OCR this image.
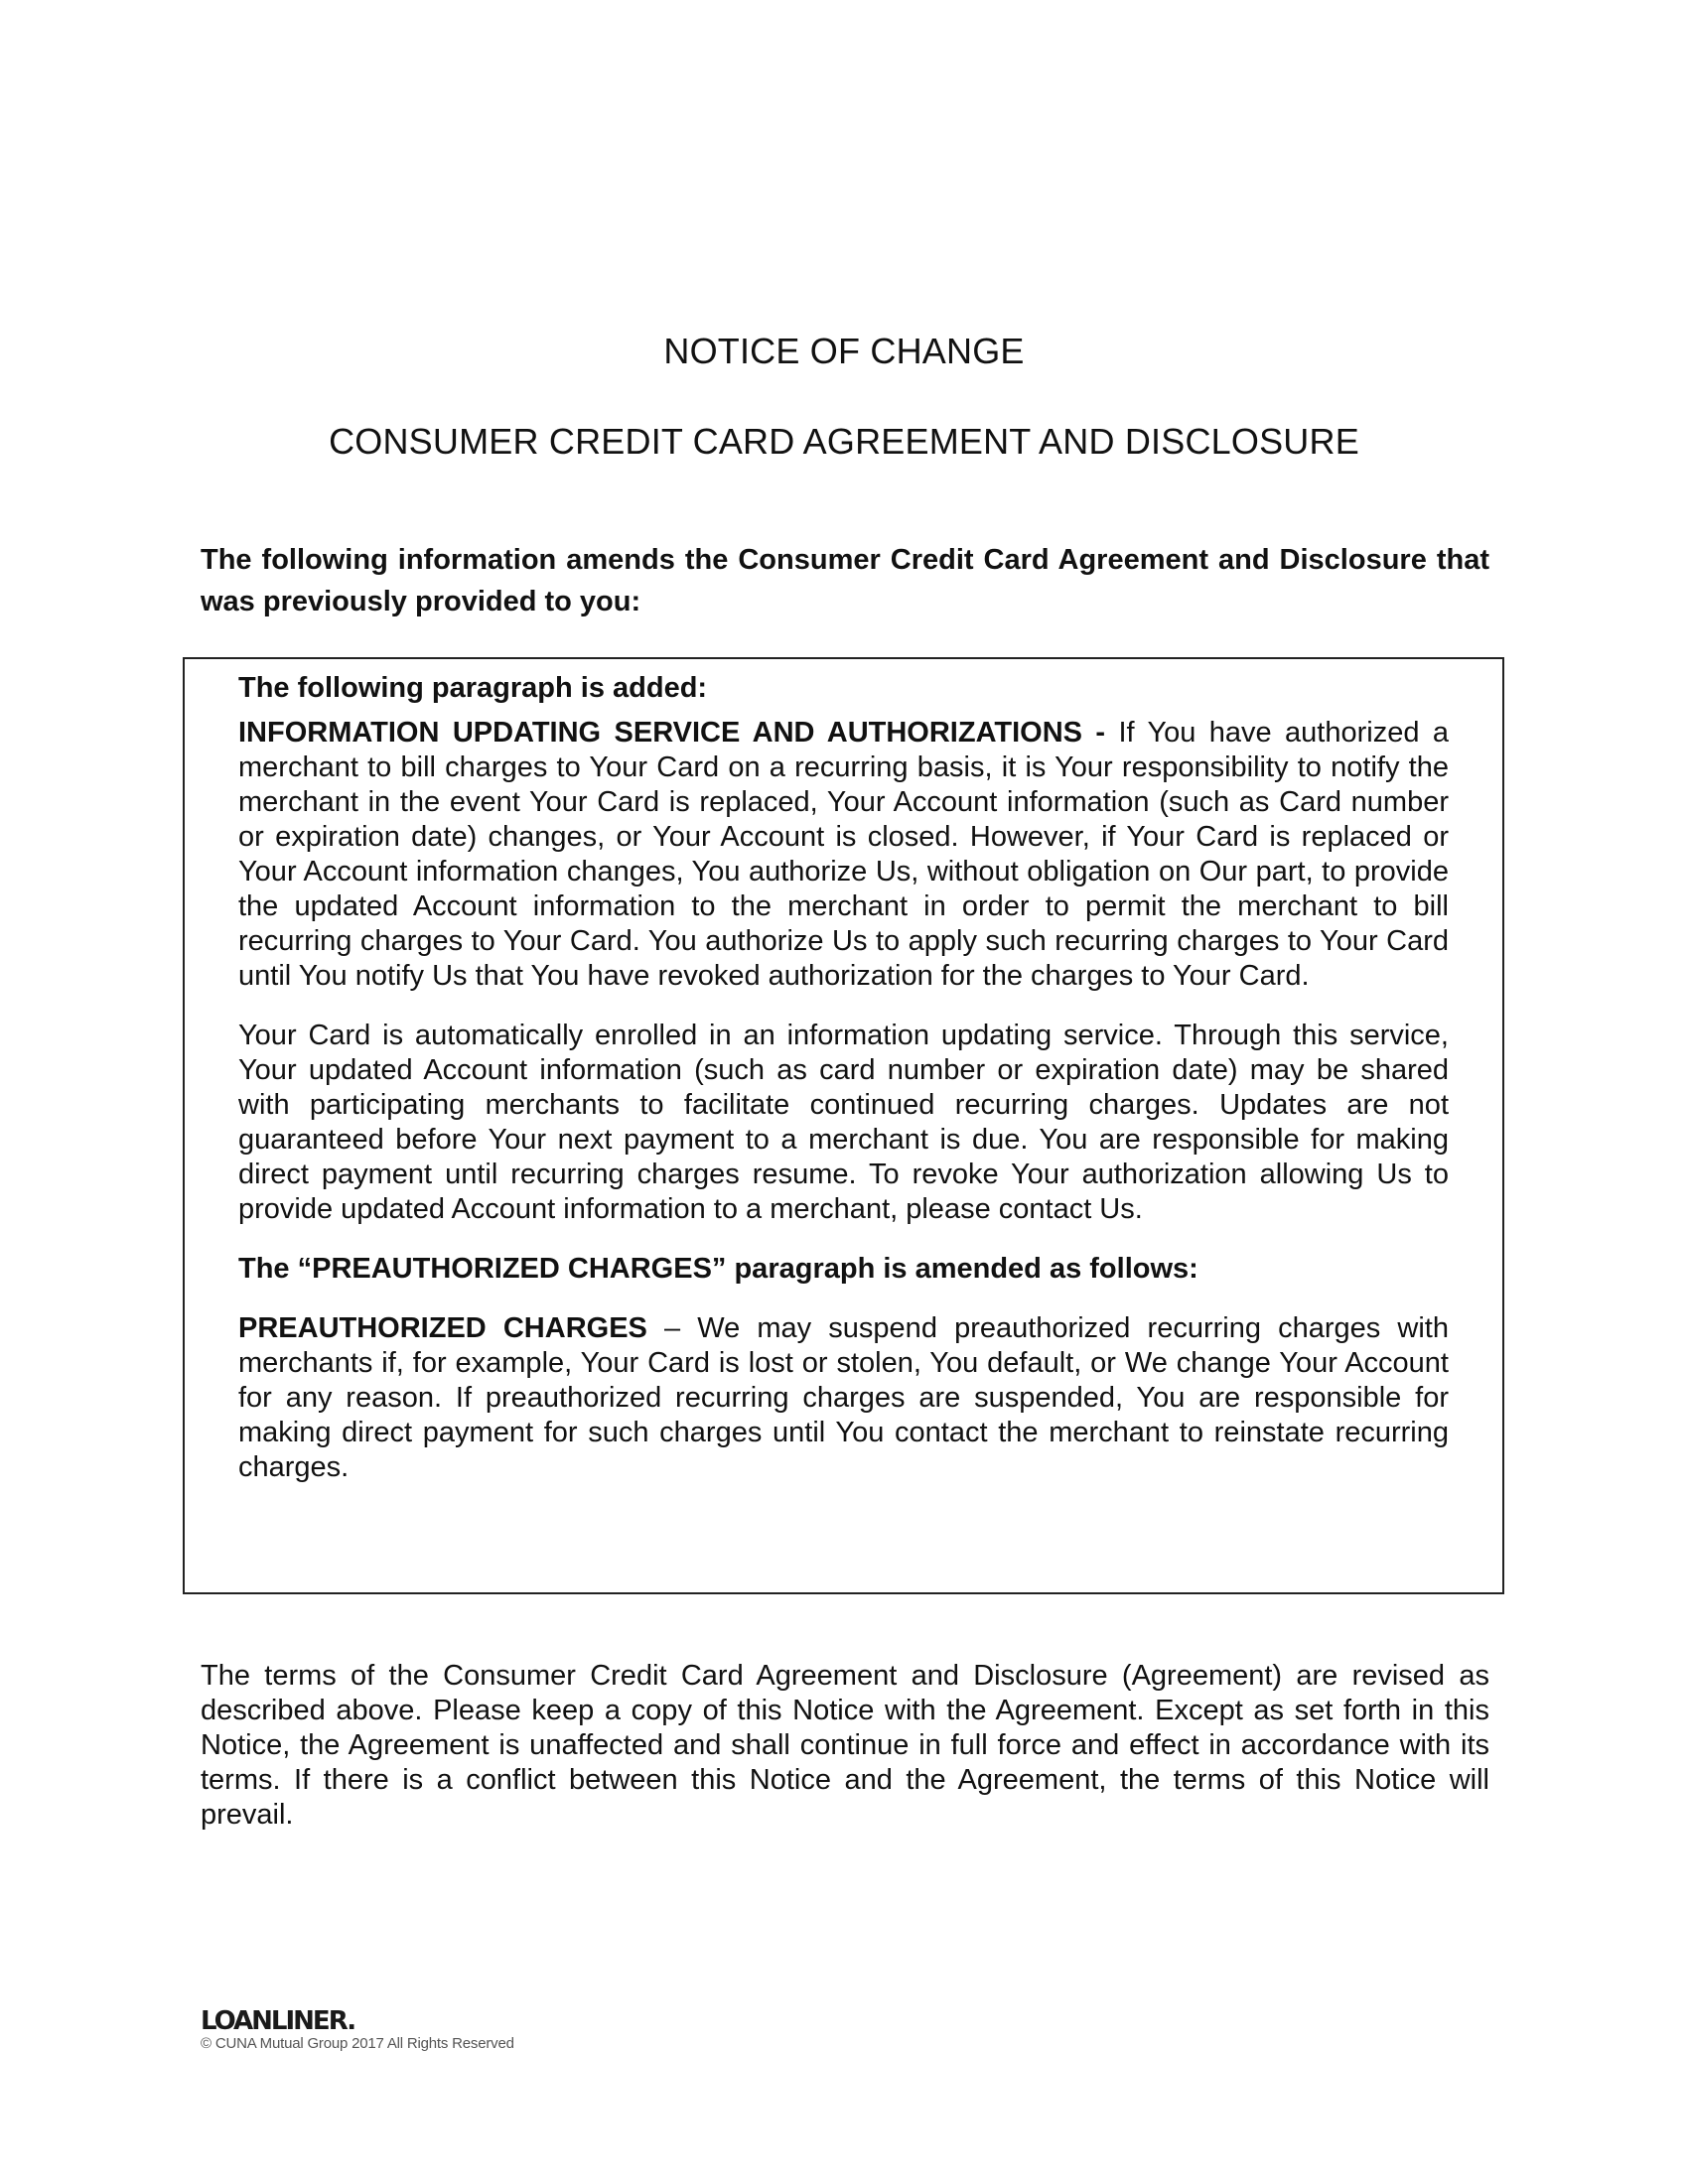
NOTICE OF CHANGE
CONSUMER CREDIT CARD AGREEMENT AND DISCLOSURE

The following information amends the Consumer Credit Card Agreement and Disclosure that was previously provided to you:

The following paragraph is added:

INFORMATION UPDATING SERVICE AND AUTHORIZATIONS - If You have authorized a merchant to bill charges to Your Card on a recurring basis, it is Your responsibility to notify the merchant in the event Your Card is replaced, Your Account information (such as Card number or expiration date) changes, or Your Account is closed. However, if Your Card is replaced or Your Account information changes, You authorize Us, without obligation on Our part, to provide the updated Account information to the merchant in order to permit the merchant to bill recurring charges to Your Card. You authorize Us to apply such recurring charges to Your Card until You notify Us that You have revoked authorization for the charges to Your Card.

Your Card is automatically enrolled in an information updating service. Through this service, Your updated Account information (such as card number or expiration date) may be shared with participating merchants to facilitate continued recurring charges. Updates are not guaranteed before Your next payment to a merchant is due. You are responsible for making direct payment until recurring charges resume. To revoke Your authorization allowing Us to provide updated Account information to a merchant, please contact Us.

The “PREAUTHORIZED CHARGES” paragraph is amended as follows:

PREAUTHORIZED CHARGES – We may suspend preauthorized recurring charges with merchants if, for example, Your Card is lost or stolen, You default, or We change Your Account for any reason. If preauthorized recurring charges are suspended, You are responsible for making direct payment for such charges until You contact the merchant to reinstate recurring charges.

The terms of the Consumer Credit Card Agreement and Disclosure (Agreement) are revised as described above. Please keep a copy of this Notice with the Agreement. Except as set forth in this Notice, the Agreement is unaffected and shall continue in full force and effect in accordance with its terms. If there is a conflict between this Notice and the Agreement, the terms of this Notice will prevail.

LOANLINER.
© CUNA Mutual Group 2017 All Rights Reserved
